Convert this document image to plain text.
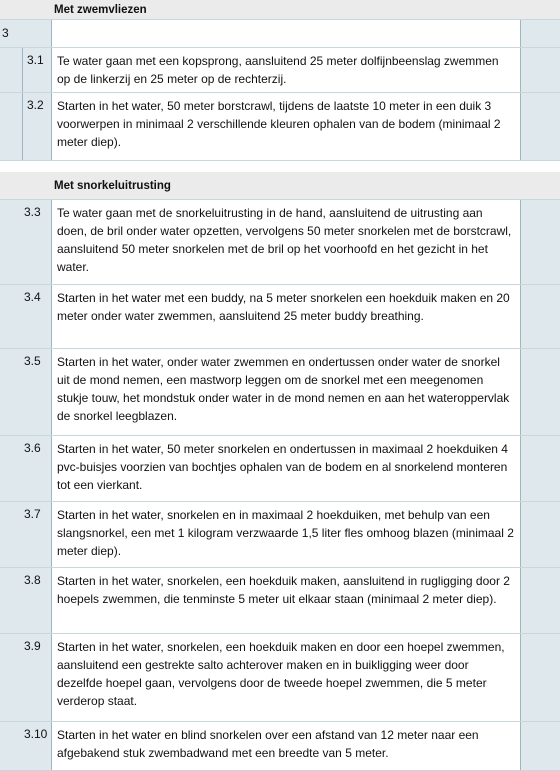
Met zwemvliezen
3
3.1	Te water gaan met een kopsprong, aansluitend 25 meter dolfijnbeenslag zwemmen op de linkerzij en 25 meter op de rechterzij.
3.2	Starten in het water, 50 meter borstcrawl, tijdens de laatste 10 meter in een duik 3 voorwerpen in minimaal 2 verschillende kleuren ophalen van de bodem (minimaal 2 meter diep).
Met snorkeluitrusting
3.3	Te water gaan met de snorkeluitrusting in de hand, aansluitend de uitrusting aan doen, de bril onder water opzetten, vervolgens 50 meter snorkelen met de borstcrawl, aansluitend 50 meter snorkelen met de bril op het voorhoofd en het gezicht in het water.
3.4	Starten in het water met een buddy, na 5 meter snorkelen een hoekduik maken en 20 meter onder water zwemmen, aansluitend 25 meter buddy breathing.
3.5	Starten in het water, onder water zwemmen en ondertussen onder water de snorkel uit de mond nemen, een mastworp leggen om de snorkel met een meegenomen stukje touw, het mondstuk onder water in de mond nemen en aan het wateroppervlak de snorkel leegblazen.
3.6	Starten in het water, 50 meter snorkelen en ondertussen in maximaal 2 hoekduiken 4 pvc-buisjes voorzien van bochtjes ophalen van de bodem en al snorkelend monteren tot een vierkant.
3.7	Starten in het water, snorkelen en in maximaal 2 hoekduiken, met behulp van een slangsnorkel, een met 1 kilogram verzwaarde 1,5 liter fles omhoog blazen (minimaal 2 meter diep).
3.8	Starten in het water, snorkelen, een hoekduik maken, aansluitend in rugligging door 2 hoepels zwemmen, die tenminste 5 meter uit elkaar staan (minimaal 2 meter diep).
3.9	Starten in het water, snorkelen, een hoekduik maken en door een hoepel zwemmen, aansluitend een gestrekte salto achterover maken en in buikligging weer door dezelfde hoepel gaan, vervolgens door de tweede hoepel zwemmen, die 5 meter verderop staat.
3.10 Starten in het water en blind snorkelen over een afstand van 12 meter naar een afgebakend stuk zwembadwand met een breedte van 5 meter.
